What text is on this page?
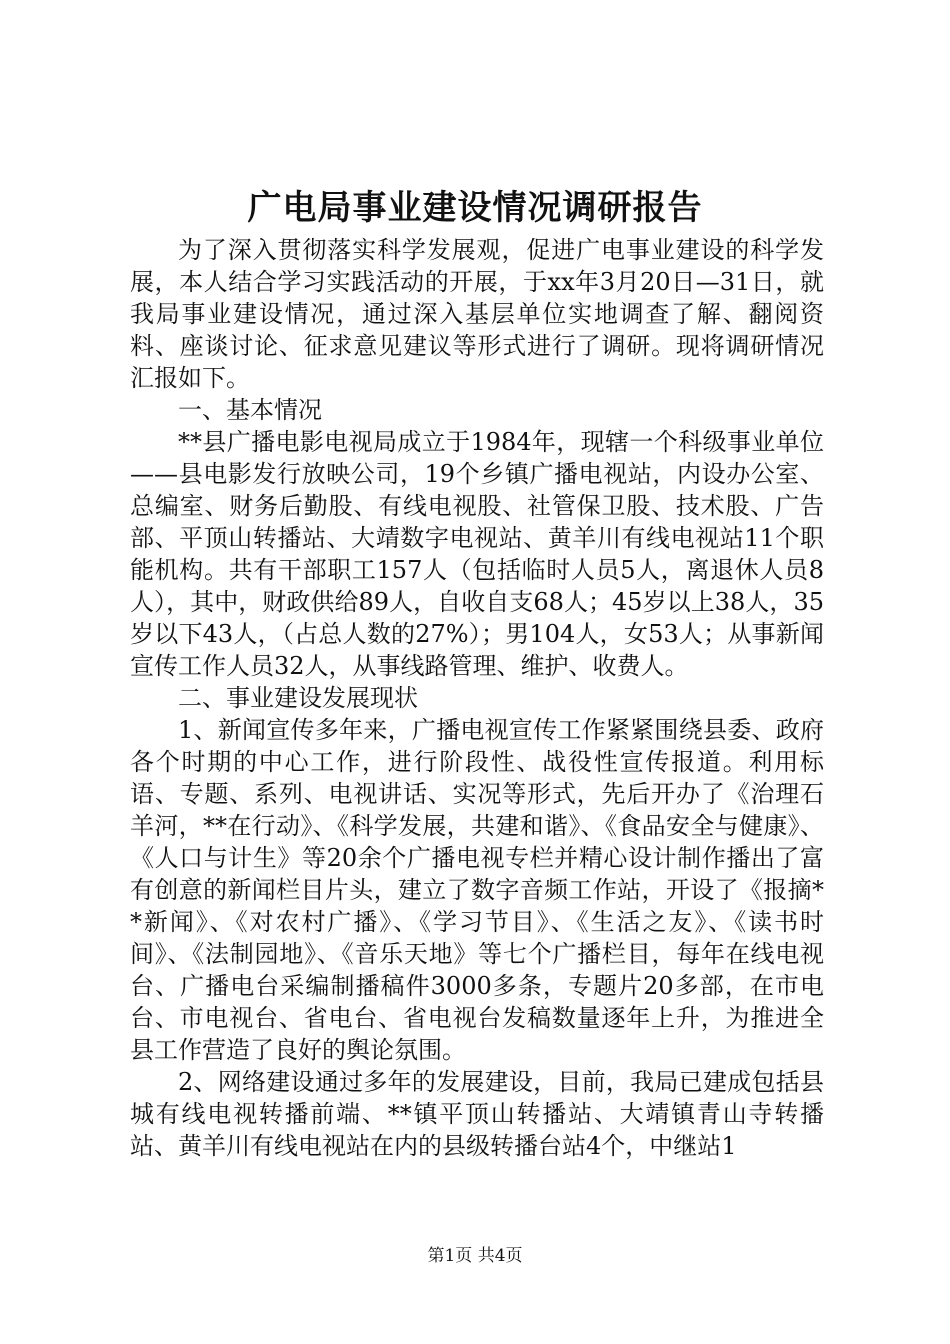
广电局事业建设情况调研报告

为了深入贯彻落实科学发展观，促进广电事业建设的科学发展，本人结合学习实践活动的开展，于xx年3月20日—31日，就我局事业建设情况，通过深入基层单位实地调查了解、翻阅资料、座谈讨论、征求意见建议等形式进行了调研。现将调研情况汇报如下。

一、基本情况

**县广播电影电视局成立于1984年，现辖一个科级事业单位——县电影发行放映公司，19个乡镇广播电视站，内设办公室、总编室、财务后勤股、有线电视股、社管保卫股、技术股、广告部、平顶山转播站、大靖数字电视站、黄羊川有线电视站11个职能机构。共有干部职工157人（包括临时人员5人，离退休人员8人），其中，财政供给89人，自收自支68人；45岁以上38人，35岁以下43人，（占总人数的27%）；男104人，女53人；从事新闻宣传工作人员32人，从事线路管理、维护、收费人。

二、事业建设发展现状

1、新闻宣传多年来，广播电视宣传工作紧紧围绕县委、政府各个时期的中心工作，进行阶段性、战役性宣传报道。利用标语、专题、系列、电视讲话、实况等形式，先后开办了《治理石羊河，**在行动》、《科学发展，共建和谐》、《食品安全与健康》、《人口与计生》等20余个广播电视专栏并精心设计制作播出了富有创意的新闻栏目片头，建立了数字音频工作站，开设了《报摘**新闻》、《对农村广播》、《学习节目》、《生活之友》、《读书时间》、《法制园地》、《音乐天地》等七个广播栏目，每年在线电视台、广播电台采编制播稿件3000多条，专题片20多部，在市电台、市电视台、省电台、省电视台发稿数量逐年上升，为推进全县工作营造了良好的舆论氛围。

2、网络建设通过多年的发展建设，目前，我局已建成包括县城有线电视转播前端、**镇平顶山转播站、大靖镇青山寺转播站、黄羊川有线电视站在内的县级转播台站4个，中继站1

第1页 共4页
